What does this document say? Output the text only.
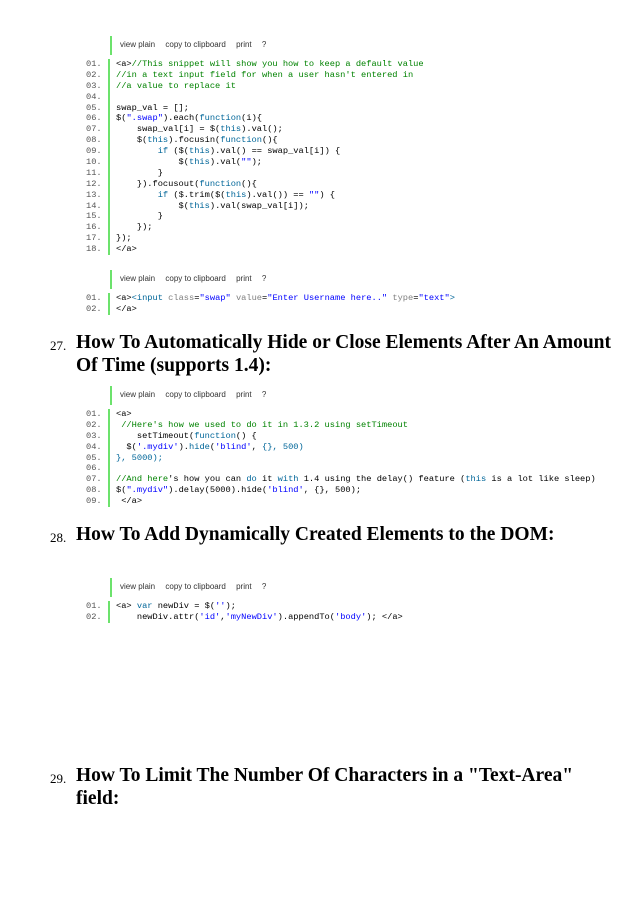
view plain copy to clipboard print ?
01.	<a>//This snippet will show you how to keep a default value
02.	//in a text input field for when a user hasn't entered in
03.	//a value to replace it
04.
05.	swap_val = [];
06.	$(".swap").each(function(i){
07.	swap_val[i] = $(this).val();
08.	$(this).focusin(function(){
09.	if ($(this).val() == swap_val[i]) {
10.	$(this).val("");
11.	}
12.	}).focusout(function(){
13.	if ($.trim($(this).val()) == "") {
14.	$(this).val(swap_val[i]);
15.	}
16.	});
17.	});
18.	</a>
view plain copy to clipboard print ?
01.	<a><input class="swap" value="Enter Username here.." type="text">
02.	</a>
27. How To Automatically Hide or Close Elements After An Amount Of Time (supports 1.4):
view plain copy to clipboard print ?
01.	<a>
02.	//Here's how we used to do it in 1.3.2 using setTimeout
03.	setTimeout(function() {
04.	$('.mydiv').hide('blind', {}, 500)
05.	}, 5000);
06.
07.	//And here's how you can do it with 1.4 using the delay() feature (this is a lot like sleep)
08.	$(".mydiv").delay(5000).hide('blind', {}, 500);
09.	</a>
28. How To Add Dynamically Created Elements to the DOM:
view plain copy to clipboard print ?
01.	<a> var newDiv = $('');
02.	newDiv.attr('id','myNewDiv').appendTo('body'); </a>
29. How To Limit The Number Of Characters in a "Text-Area" field:
